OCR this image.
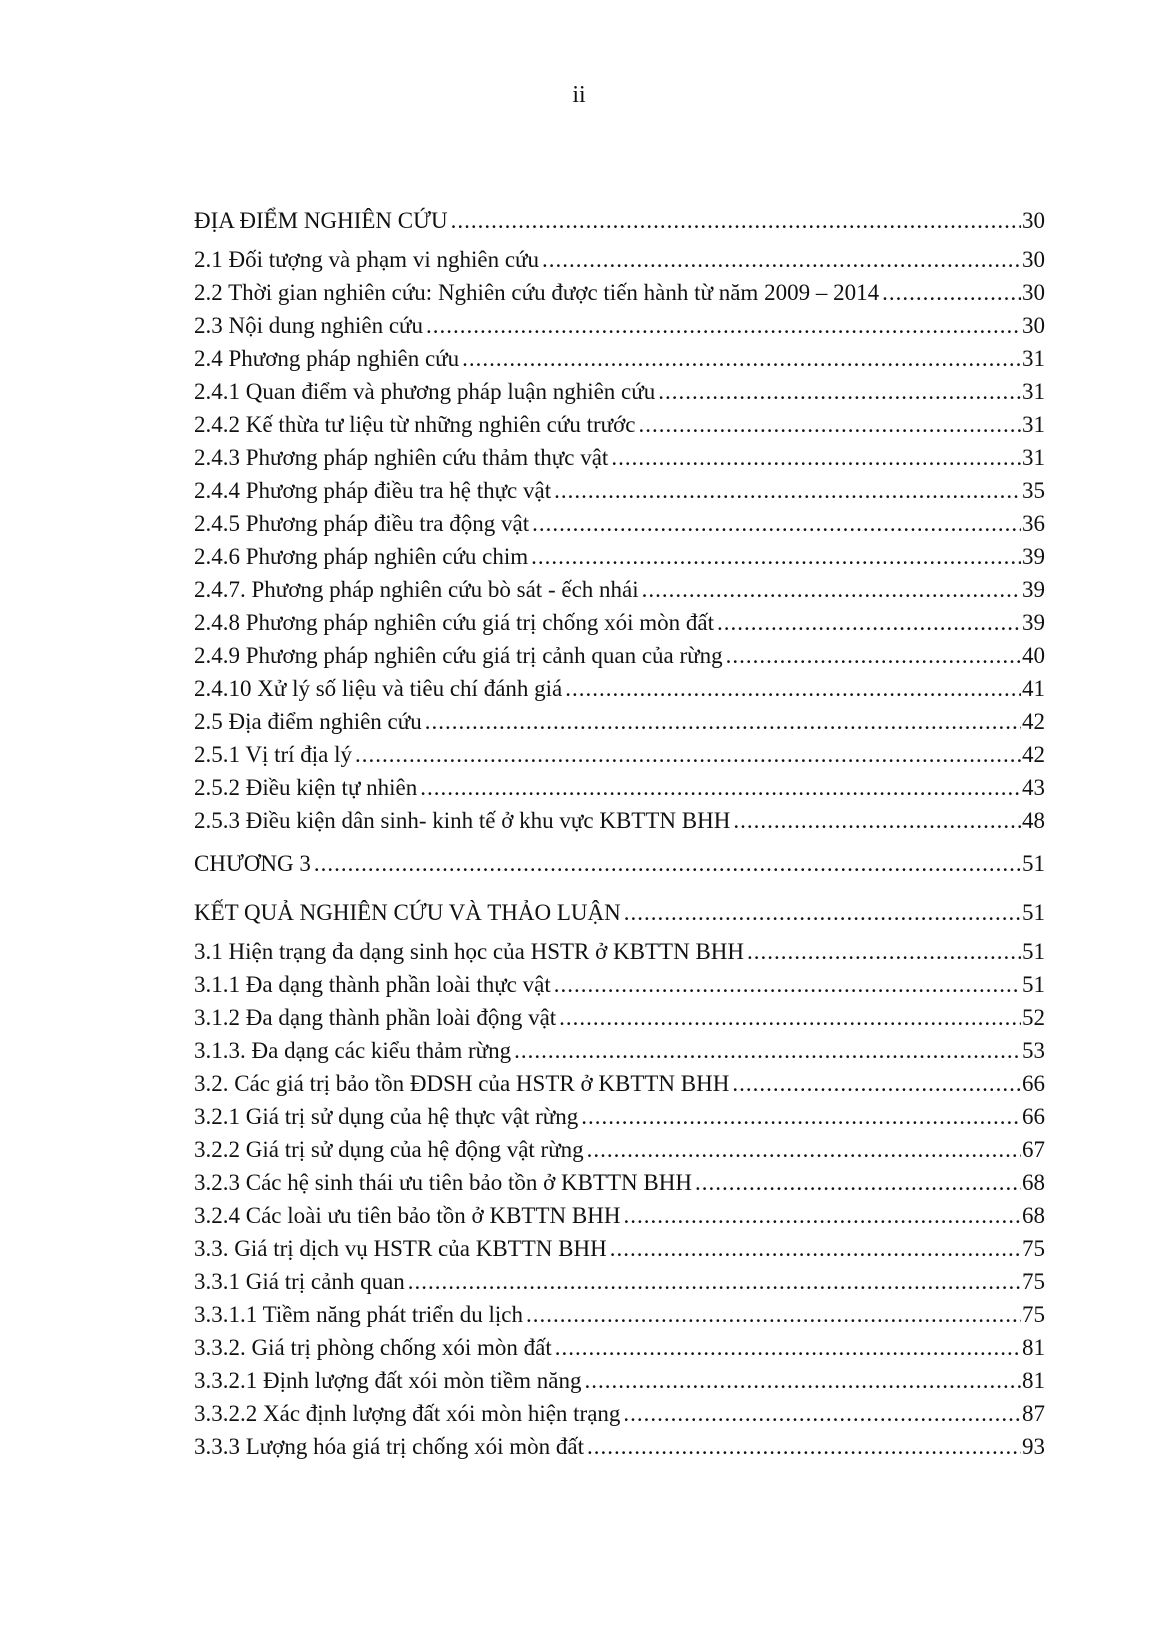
ii
ĐỊA ĐIỂM NGHIÊN CỨU .....	30
2.1 Đối tượng và phạm vi nghiên cứu .....	30
2.2 Thời gian nghiên cứu: Nghiên cứu được tiến hành từ năm 2009 – 2014 .....	30
2.3 Nội dung nghiên cứu .....	30
2.4 Phương pháp nghiên cứu .....	31
2.4.1 Quan điểm và phương pháp luận nghiên cứu .....	31
2.4.2 Kế thừa tư liệu từ những nghiên cứu trước .....	31
2.4.3 Phương pháp nghiên cứu thảm thực vật .....	31
2.4.4 Phương pháp điều tra hệ thực vật .....	35
2.4.5 Phương pháp điều tra động vật .....	36
2.4.6 Phương pháp nghiên cứu chim .....	39
2.4.7. Phương pháp nghiên cứu bò sát - ếch nhái .....	39
2.4.8 Phương pháp nghiên cứu giá trị chống xói mòn đất .....	39
2.4.9 Phương pháp nghiên cứu giá trị cảnh quan của rừng .....	40
2.4.10 Xử lý số liệu và tiêu chí đánh giá .....	41
2.5 Địa điểm nghiên cứu .....	42
2.5.1 Vị trí địa lý .....	42
2.5.2 Điều kiện tự nhiên .....	43
2.5.3 Điều kiện dân sinh- kinh tế ở khu vực KBTTN BHH .....	48
CHƯƠNG 3 .....	51
KẾT QUẢ NGHIÊN CỨU VÀ THẢO LUẬN .....	51
3.1 Hiện trạng đa dạng sinh học của HSTR ở KBTTN BHH .....	51
3.1.1 Đa dạng thành phần loài thực vật .....	51
3.1.2 Đa dạng thành phần loài động vật .....	52
3.1.3. Đa dạng các kiểu thảm rừng .....	53
3.2. Các giá trị bảo tồn ĐDSH của HSTR ở KBTTN BHH .....	66
3.2.1 Giá trị sử dụng của hệ thực vật rừng .....	66
3.2.2 Giá trị sử dụng của hệ động vật rừng .....	67
3.2.3 Các hệ sinh thái ưu tiên bảo tồn ở KBTTN BHH .....	68
3.2.4 Các loài ưu tiên bảo tồn ở KBTTN BHH .....	68
3.3. Giá trị dịch vụ HSTR của KBTTN BHH .....	75
3.3.1 Giá trị cảnh quan .....	75
3.3.1.1 Tiềm năng phát triển du lịch .....	75
3.3.2. Giá trị phòng chống xói mòn đất .....	81
3.3.2.1 Định lượng đất xói mòn tiềm năng .....	81
3.3.2.2 Xác định lượng đất xói mòn hiện trạng .....	87
3.3.3 Lượng hóa giá trị chống xói mòn đất .....	93
